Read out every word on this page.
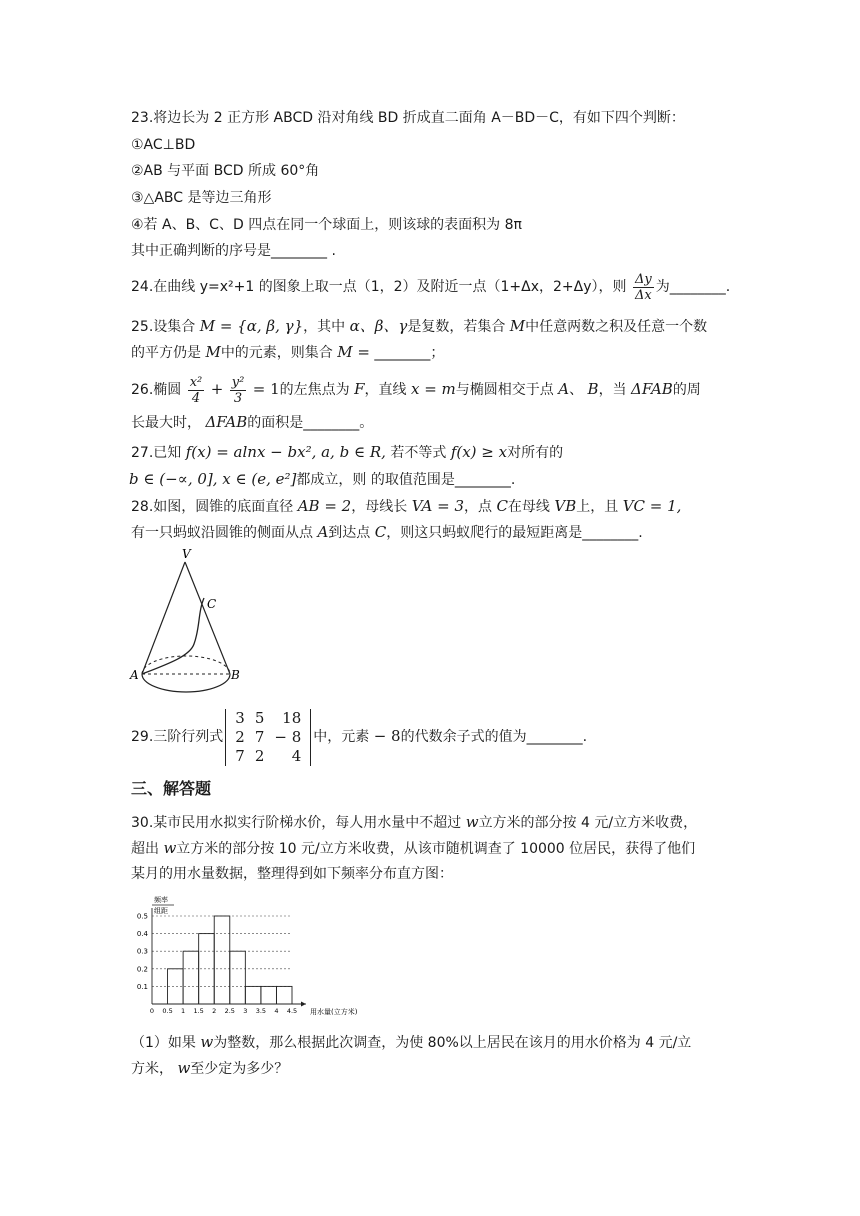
23.将边长为 2 正方形 ABCD 沿对角线 BD 折成直二面角 A－BD－C，有如下四个判断：
①AC⊥BD
②AB 与平面 BCD 所成 60°角
③△ABC 是等边三角形
④若 A、B、C、D 四点在同一个球面上，则该球的表面积为 8π
其中正确判断的序号是________ .
24.在曲线 y=x²+1 的图象上取一点（1，2）及附近一点（1+Δx，2+Δy），则 $\frac{\Delta y}{\Delta x}$ 为________.
25.设集合 M = {α, β, γ}，其中 α、β、γ是复数，若集合 M中任意两数之积及任意一个数
的平方仍是 M中的元素，则集合 M = ________；
26.椭圆 $\frac{\text{x²}}{4} + \frac{\text{y²}}{3} = 1$的左焦点为 F，直线 x = m与椭圆相交于点 A、 B，当 ΔFAB的周
长最大时， ΔFAB的面积是________。
27.已知 f(x) = alnx − bx², a, b ∈ R, 若不等式 f(x) ≥ x对所有的
b ∈ (−∝, 0], x ∈ (e, e²]都成立，则 的取值范围是________.
28.如图，圆锥的底面直径 AB = 2，母线长 VA = 3，点 C在母线 VB上，且 VC = 1,
有一只蚂蚁沿圆锥的侧面从点 A到达点 C，则这只蚂蚁爬行的最短距离是________.
V
C
A	B
29.三阶行列式
3	5	18
2	7	− 8
7	2	4
中，元素 − 8的代数余子式的值为________.
三、解答题
30.某市民用水拟实行阶梯水价，每人用水量中不超过 w立方米的部分按 4 元/立方米收费，
超出 w立方米的部分按 10 元/立方米收费，从该市随机调查了 10000 位居民，获得了他们
某月的用水量数据，整理得到如下频率分布直方图：
频率
组距
用水量(立方米)
0.1
0.2
0.3
0.4
0.5
0 0.5 1 1.5 2 2.5 3 3.5 4 4.5
（1）如果 w为整数，那么根据此次调查，为使 80%以上居民在该月的用水价格为 4 元/立
方米， w至少定为多少？
